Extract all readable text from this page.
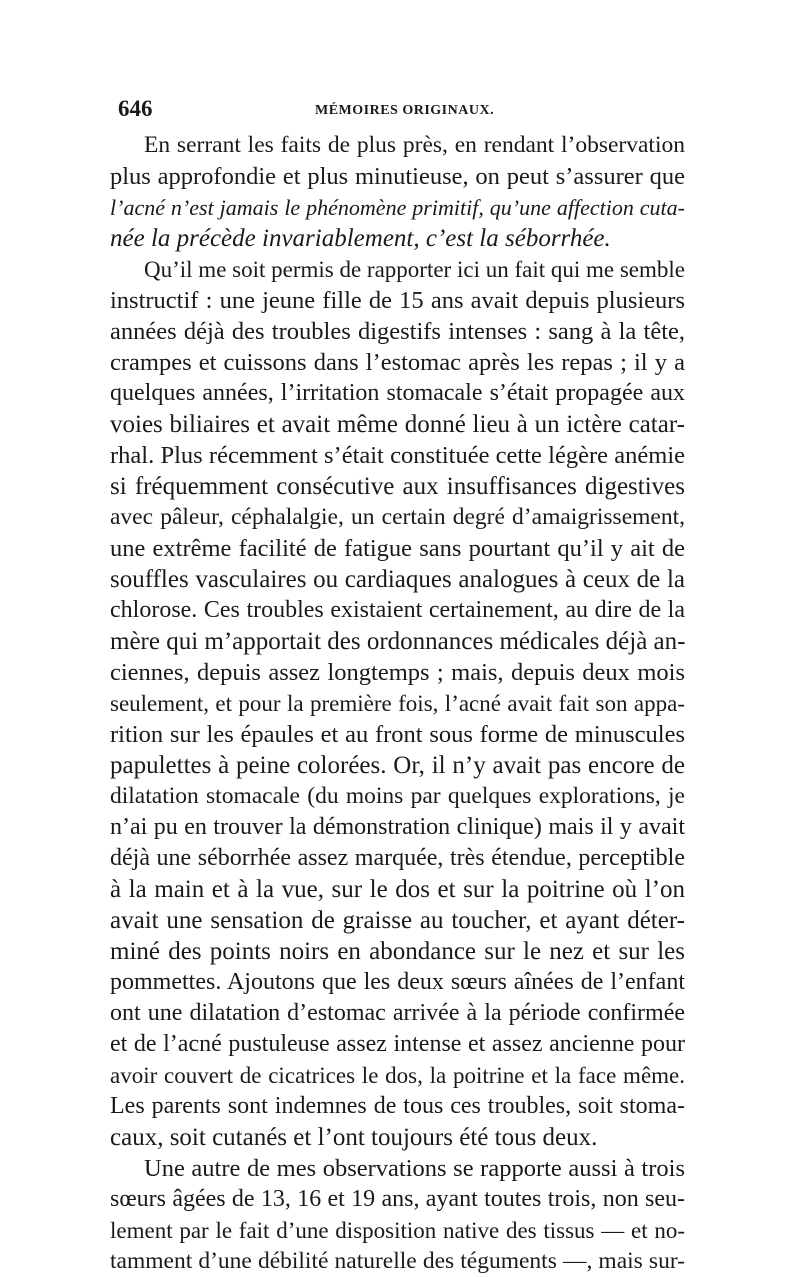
646	MÉMOIRES ORIGINAUX.
En serrant les faits de plus près, en rendant l’observation
plus approfondie et plus minutieuse, on peut s’assurer que
l’acné n’est jamais le phénomène primitif, qu’une affection cuta-
née la précède invariablement, c’est la séborrhée.
Qu’il me soit permis de rapporter ici un fait qui me semble
instructif : une jeune fille de 15 ans avait depuis plusieurs
années déjà des troubles digestifs intenses : sang à la tête,
crampes et cuissons dans l’estomac après les repas ; il y a
quelques années, l’irritation stomacale s’était propagée aux
voies biliaires et avait même donné lieu à un ictère catar-
rhal. Plus récemment s’était constituée cette légère anémie
si fréquemment consécutive aux insuffisances digestives
avec pâleur, céphalalgie, un certain degré d’amaigrissement,
une extrême facilité de fatigue sans pourtant qu’il y ait de
souffles vasculaires ou cardiaques analogues à ceux de la
chlorose. Ces troubles existaient certainement, au dire de la
mère qui m’apportait des ordonnances médicales déjà an-
ciennes, depuis assez longtemps ; mais, depuis deux mois
seulement, et pour la première fois, l’acné avait fait son appa-
rition sur les épaules et au front sous forme de minuscules
papulettes à peine colorées. Or, il n’y avait pas encore de
dilatation stomacale (du moins par quelques explorations, je
n’ai pu en trouver la démonstration clinique) mais il y avait
déjà une séborrhée assez marquée, très étendue, perceptible
à la main et à la vue, sur le dos et sur la poitrine où l’on
avait une sensation de graisse au toucher, et ayant déter-
miné des points noirs en abondance sur le nez et sur les
pommettes. Ajoutons que les deux sœurs aînées de l’enfant
ont une dilatation d’estomac arrivée à la période confirmée
et de l’acné pustuleuse assez intense et assez ancienne pour
avoir couvert de cicatrices le dos, la poitrine et la face même.
Les parents sont indemnes de tous ces troubles, soit stoma-
caux, soit cutanés et l’ont toujours été tous deux.
Une autre de mes observations se rapporte aussi à trois
sœurs âgées de 13, 16 et 19 ans, ayant toutes trois, non seu-
lement par le fait d’une disposition native des tissus — et no-
tamment d’une débilité naturelle des téguments —, mais sur-
